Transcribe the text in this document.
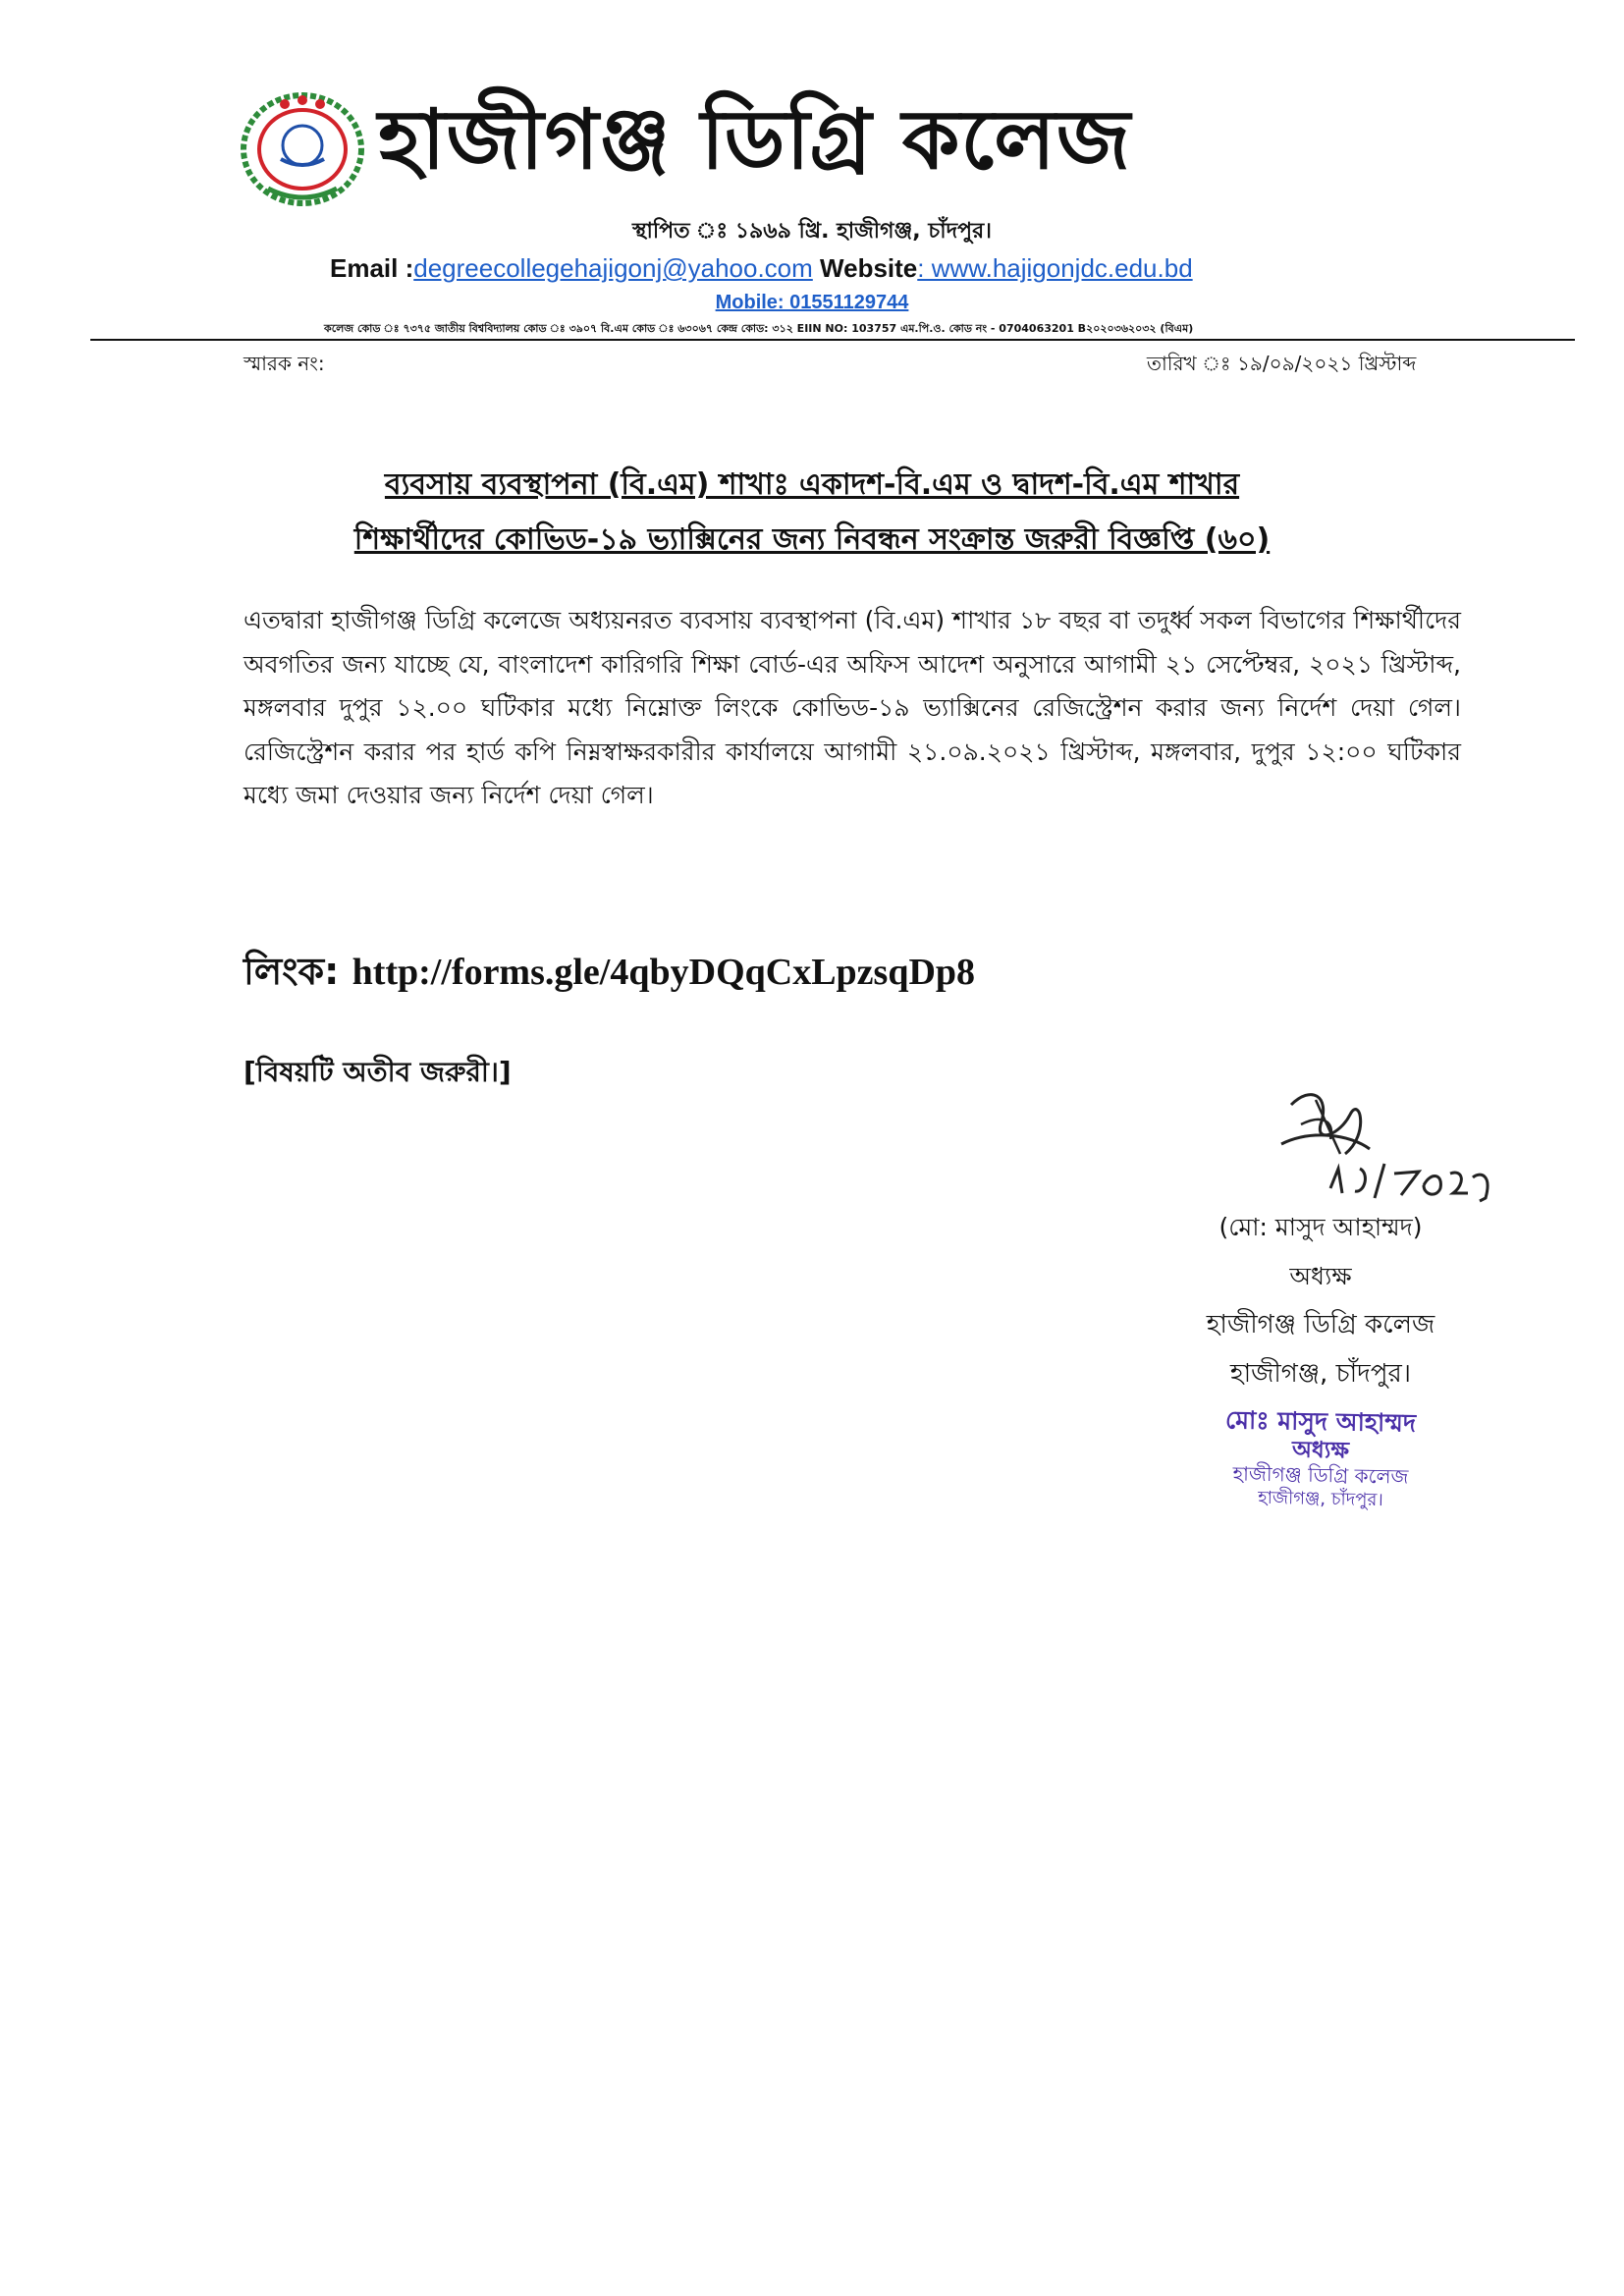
হাজীগঞ্জ ডিগ্রি কলেজ
স্থাপিত ঃ ১৯৬৯ খ্রি. হাজীগঞ্জ, চাঁদপুর।
Email :degreecollegehajigonj@yahoo.com Website: www.hajigonjdc.edu.bd
Mobile: 01551129744
কলেজ কোড ঃ ৭৩৭৫ জাতীয় বিশ্ববিদ্যালয় কোড ঃ ৩৯০৭ বি.এম কোড ঃ ৬৩০৬৭ কেন্দ্র কোড: ৩১২ EIIN NO: 103757 এম.পি.ও. কোড নং - 0704063201 B২০২০৩৬২০৩২ (বিএম)
স্মারক নং:	তারিখ ঃ ১৯/০৯/২০২১ খ্রিস্টাব্দ
ব্যবসায় ব্যবস্থাপনা (বি.এম) শাখাঃ একাদশ-বি.এম ও দ্বাদশ-বি.এম শাখার
শিক্ষার্থীদের কোভিড-১৯ ভ্যাক্সিনের জন্য নিবন্ধন সংক্রান্ত জরুরী বিজ্ঞপ্তি (৬০)
এতদ্বারা হাজীগঞ্জ ডিগ্রি কলেজে অধ্যয়নরত ব্যবসায় ব্যবস্থাপনা (বি.এম) শাখার ১৮ বছর বা তদুর্ধ্ব সকল বিভাগের শিক্ষার্থীদের অবগতির জন্য যাচ্ছে যে, বাংলাদেশ কারিগরি শিক্ষা বোর্ড-এর অফিস আদেশ অনুসারে আগামী ২১ সেপ্টেম্বর, ২০২১ খ্রিস্টাব্দ, মঙ্গলবার দুপুর ১২.০০ ঘটিকার মধ্যে নিম্নোক্ত লিংকে কোভিড-১৯ ভ্যাক্সিনের রেজিস্ট্রেশন করার জন্য নির্দেশ দেয়া গেল। রেজিস্ট্রেশন করার পর হার্ড কপি নিম্নস্বাক্ষরকারীর কার্যালয়ে আগামী ২১.০৯.২০২১ খ্রিস্টাব্দ, মঙ্গলবার, দুপুর ১২:০০ ঘটিকার মধ্যে জমা দেওয়ার জন্য নির্দেশ দেয়া গেল।
লিংক: http://forms.gle/4qbyDQqCxLpzsqDp8
[বিষয়টি অতীব জরুরী।]
(মো: মাসুদ আহাম্মদ)
অধ্যক্ষ
হাজীগঞ্জ ডিগ্রি কলেজ
হাজীগঞ্জ, চাঁদপুর।
মোঃ মাসুদ আহাম্মদ
অধ্যক্ষ
হাজীগঞ্জ ডিগ্রি কলেজ
হাজীগঞ্জ, চাঁদপুর।
